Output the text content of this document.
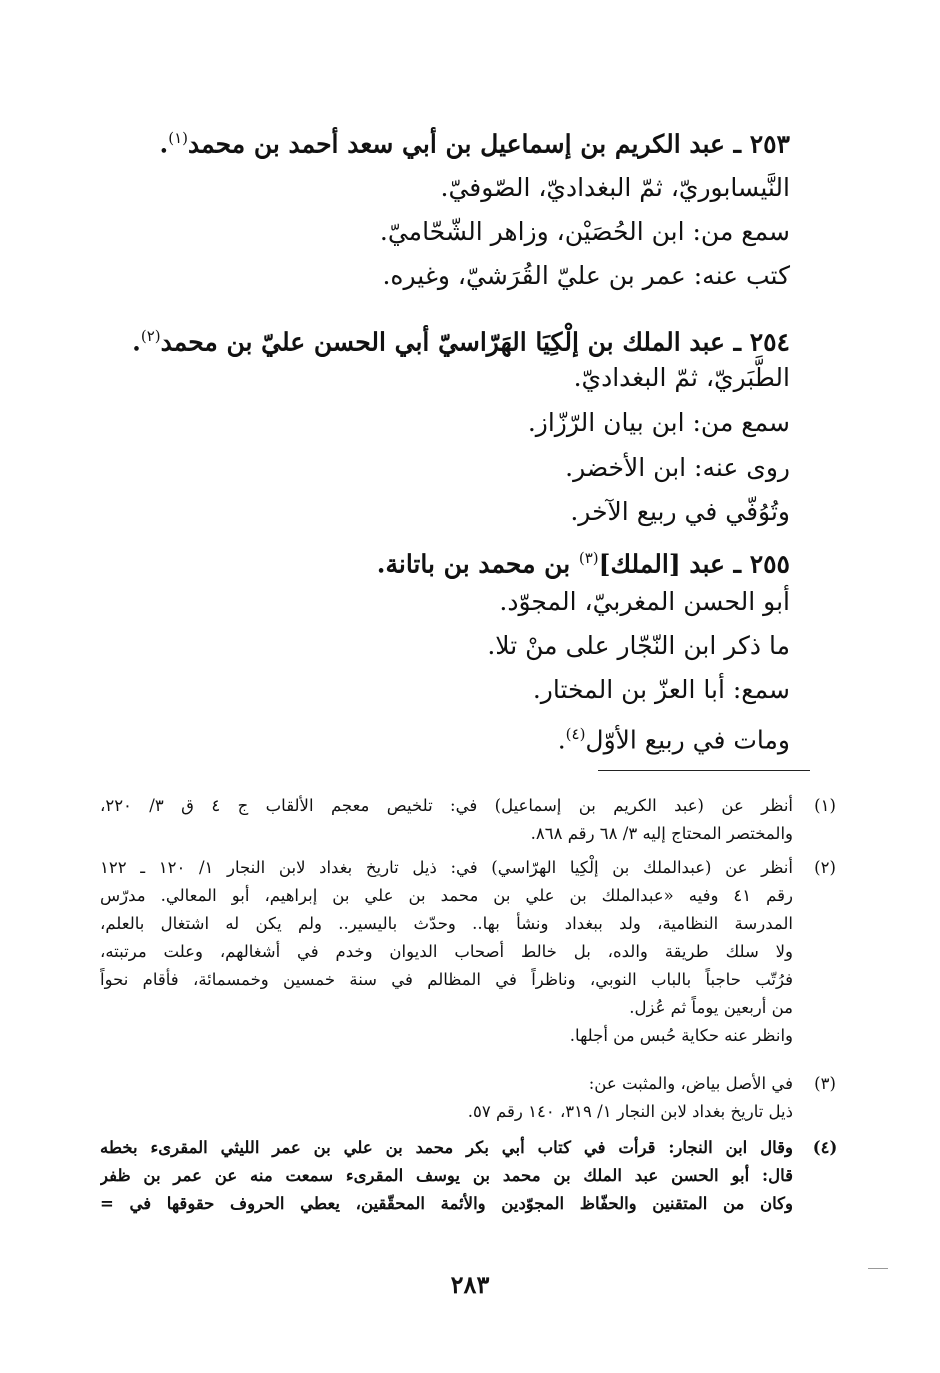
٢٥٣ ـ عبد الكريم بن إسماعيل بن أبي سعد أحمد بن محمد$^{(١)}$.
النَّيسابوريّ، ثمّ البغداديّ، الصّوفيّ.
سمع من: ابن الحُصَيْن، وزاهر الشّحّاميّ.
كتب عنه: عمر بن عليّ القُرَشيّ، وغيره.
٢٥٤ ـ عبد الملك بن إلْكِيَا الهَرّاسيّ أبي الحسن عليّ بن محمد$^{(٢)}$.
الطَّبَريّ، ثمّ البغداديّ.
سمع من: ابن بيان الرّزّاز.
روى عنه: ابن الأخضر.
وتُوُفّي في ربيع الآخر.
٢٥٥ ـ عبد [الملك]$^{(٣)}$ بن محمد بن باتانة.
أبو الحسن المغربيّ، المجوّد.
ما ذكر ابن النّجّار على منْ تلا.
سمع: أبا العزّ بن المختار.
ومات في ربيع الأوّل$^{(٤)}$.
(١)
أنظر عن (عبد الكريم بن إسماعيل) في: تلخيص معجم الألقاب ج ٤ ق ٣/ ٢٢٠،
والمختصر المحتاج إليه ٣/ ٦٨ رقم ٨٦٨.
(٢)
أنظر عن (عبدالملك بن إلْكِيا الهرّاسي) في: ذيل تاريخ بغداد لابن النجار ١/ ١٢٠ ـ ١٢٢
رقم ٤١ وفيه «عبدالملك بن علي بن محمد بن علي بن إبراهيم، أبو المعالي. مدرّس
المدرسة النظامية، ولد ببغداد ونشأ بها.. وحدّث باليسير.. ولم يكن له اشتغال بالعلم،
ولا سلك طريقة والده، بل خالط أصحاب الديوان وخدم في أشغالهم، وعلت مرتبته،
فرُتّب حاجباً بالباب النوبي، وناظراً في المظالم في سنة خمسين وخمسمائة، فأقام نحواً
من أربعين يوماً ثم عُزل.
وانظر عنه حكاية حُبس من أجلها.
(٣)
في الأصل بياض، والمثبت عن:
ذيل تاريخ بغداد لابن النجار ١/ ٣١٩، ١٤٠ رقم ٥٧.
(٤)
وقال ابن النجار: قرأت في كتاب أبي بكر محمد بن علي بن عمر الليثي المقرىء بخطه
قال: أبو الحسن عبد الملك بن محمد بن يوسف المقرىء سمعت منه عن عمر بن ظفر
وكان من المتقنين والحفّاظ المجوّدين والأئمة المحقّقين، يعطي الحروف حقوقها في =
٢٨٣
